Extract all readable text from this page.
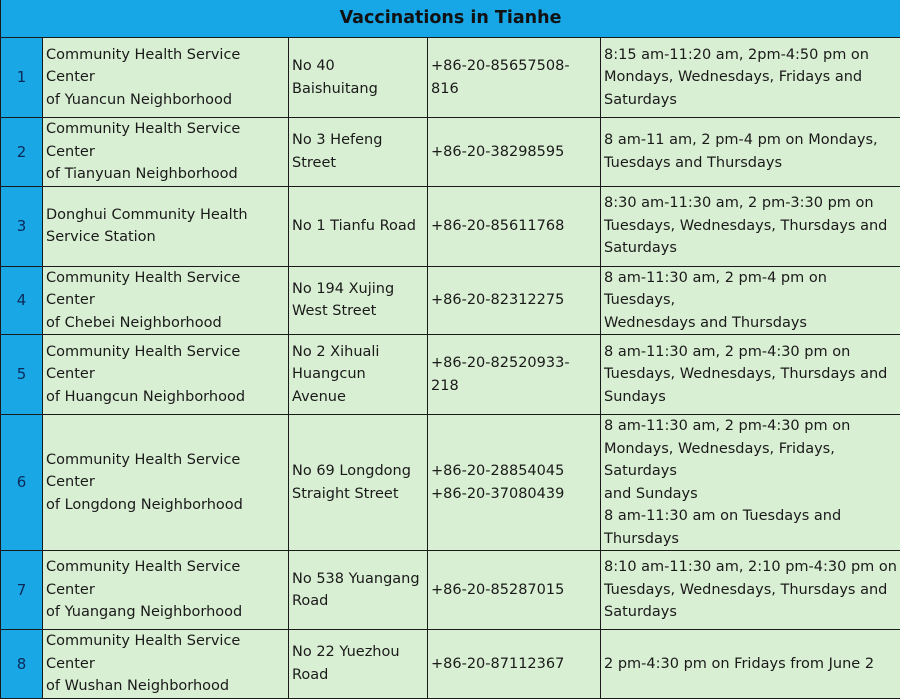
Vaccinations in Tianhe				
1	Community Health Service Center
of Yuancun Neighborhood	No 40 Baishuitang	+86-20-85657508-816	8:15 am-11:20 am, 2pm-4:50 pm on
Mondays, Wednesdays, Fridays and
Saturdays
2	Community Health Service Center
of Tianyuan Neighborhood	No 3 Hefeng Street	+86-20-38298595	8 am-11 am, 2 pm-4 pm on Mondays,
Tuesdays and Thursdays
3	Donghui Community Health
Service Station	No 1 Tianfu Road	+86-20-85611768	8:30 am-11:30 am, 2 pm-3:30 pm on
Tuesdays, Wednesdays, Thursdays and
Saturdays
4	Community Health Service Center
of Chebei Neighborhood	No 194 Xujing
West Street	+86-20-82312275	8 am-11:30 am, 2 pm-4 pm on Tuesdays,
Wednesdays and Thursdays
5	Community Health Service Center
of Huangcun Neighborhood	No 2 Xihuali
Huangcun Avenue	+86-20-82520933-218	8 am-11:30 am, 2 pm-4:30 pm on
Tuesdays, Wednesdays, Thursdays and
Sundays
6	Community Health Service Center
of Longdong Neighborhood	No 69 Longdong
Straight Street	+86-20-28854045
+86-20-37080439	8 am-11:30 am, 2 pm-4:30 pm on
Mondays, Wednesdays, Fridays, Saturdays
and Sundays
8 am-11:30 am on Tuesdays and
Thursdays
7	Community Health Service Center
of Yuangang Neighborhood	No 538 Yuangang
Road	+86-20-85287015	8:10 am-11:30 am, 2:10 pm-4:30 pm on
Tuesdays, Wednesdays, Thursdays and
Saturdays
8	Community Health Service Center
of Wushan Neighborhood	No 22 Yuezhou
Road	+86-20-87112367	2 pm-4:30 pm on Fridays from June 2
